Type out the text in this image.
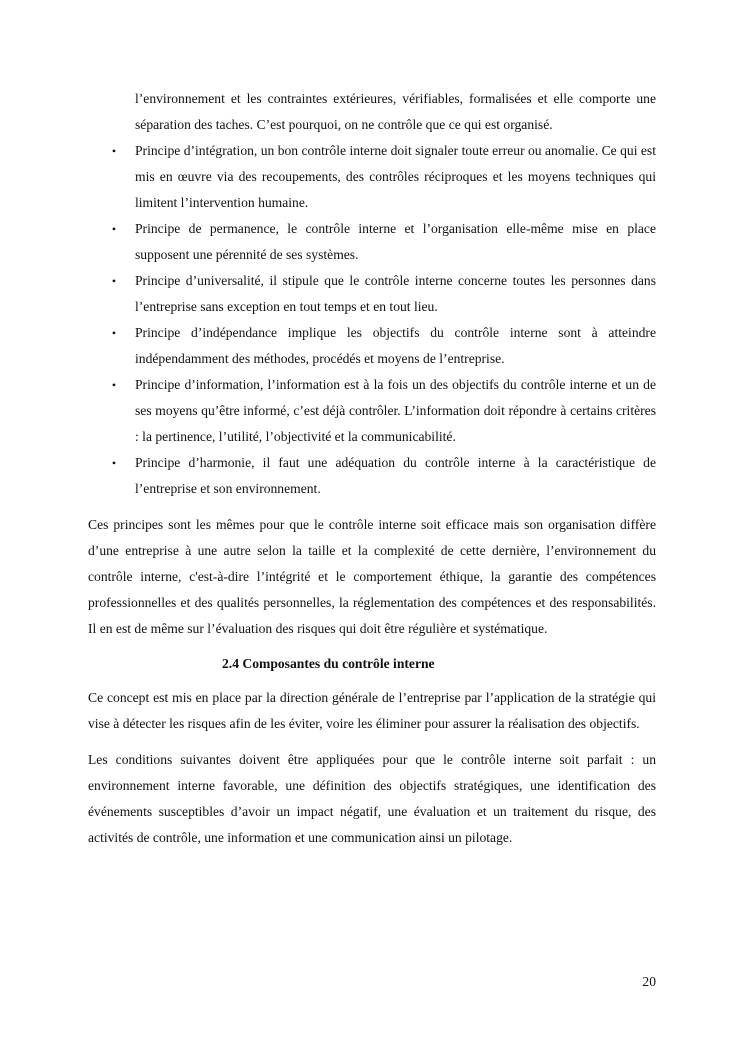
l’environnement et les contraintes extérieures, vérifiables, formalisées et elle comporte une séparation des taches. C’est pourquoi, on ne contrôle que ce qui est organisé.
• Principe d’intégration, un bon contrôle interne doit signaler toute erreur ou anomalie. Ce qui est mis en œuvre via des recoupements, des contrôles réciproques et les moyens techniques qui limitent l’intervention humaine.
• Principe de permanence, le contrôle interne et l’organisation elle-même mise en place supposent une pérennité de ses systèmes.
• Principe d’universalité, il stipule que le contrôle interne concerne toutes les personnes dans l’entreprise sans exception en tout temps et en tout lieu.
• Principe d’indépendance implique les objectifs du contrôle interne sont à atteindre indépendamment des méthodes, procédés et moyens de l’entreprise.
• Principe d’information, l’information est à la fois un des objectifs du contrôle interne et un de ses moyens qu’être informé, c’est déjà contrôler. L’information doit répondre à certains critères : la pertinence, l’utilité, l’objectivité et la communicabilité.
• Principe d’harmonie, il faut une adéquation du contrôle interne à la caractéristique de l’entreprise et son environnement.

Ces principes sont les mêmes pour que le contrôle interne soit efficace mais son organisation diffère d’une entreprise à une autre selon la taille et la complexité de cette dernière, l’environnement du contrôle interne, c'est-à-dire l’intégrité et le comportement éthique, la garantie des compétences professionnelles et des qualités personnelles, la réglementation des compétences et des responsabilités. Il en est de même sur l’évaluation des risques qui doit être régulière et systématique.

2.4 Composantes du contrôle interne

Ce concept est mis en place par la direction générale de l’entreprise par l’application de la stratégie qui vise à détecter les risques afin de les éviter, voire les éliminer pour assurer la réalisation des objectifs.

Les conditions suivantes doivent être appliquées pour que le contrôle interne soit parfait : un environnement interne favorable, une définition des objectifs stratégiques, une identification des événements susceptibles d’avoir un impact négatif, une évaluation et un traitement du risque, des activités de contrôle, une information et une communication ainsi un pilotage.

20
